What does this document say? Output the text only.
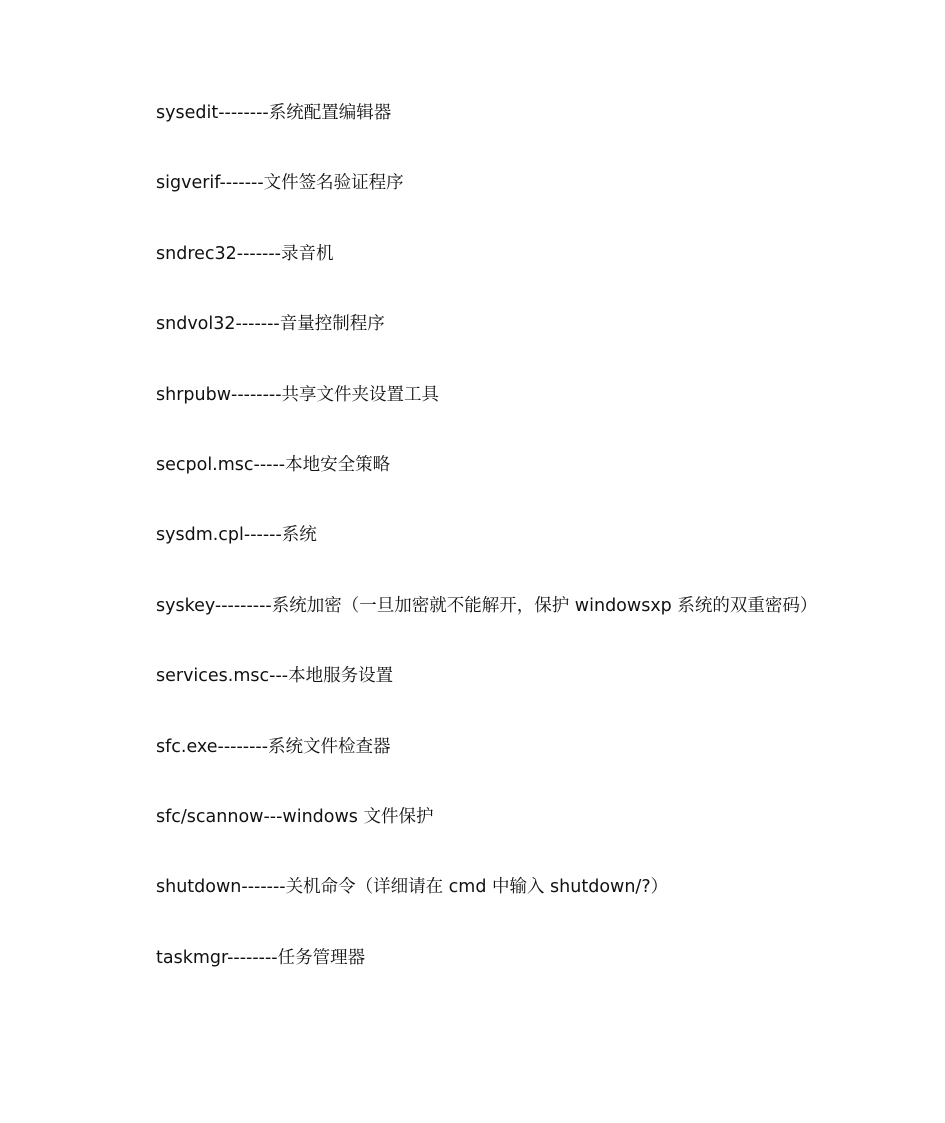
sysedit--------系统配置编辑器
sigverif-------文件签名验证程序
sndrec32-------录音机
sndvol32-------音量控制程序
shrpubw--------共享文件夹设置工具
secpol.msc-----本地安全策略
sysdm.cpl------系统
syskey---------系统加密（一旦加密就不能解开，保护 windowsxp 系统的双重密码）
services.msc---本地服务设置
sfc.exe--------系统文件检查器
sfc/scannow---windows 文件保护
shutdown-------关机命令（详细请在 cmd 中输入 shutdown/?）
taskmgr--------任务管理器
